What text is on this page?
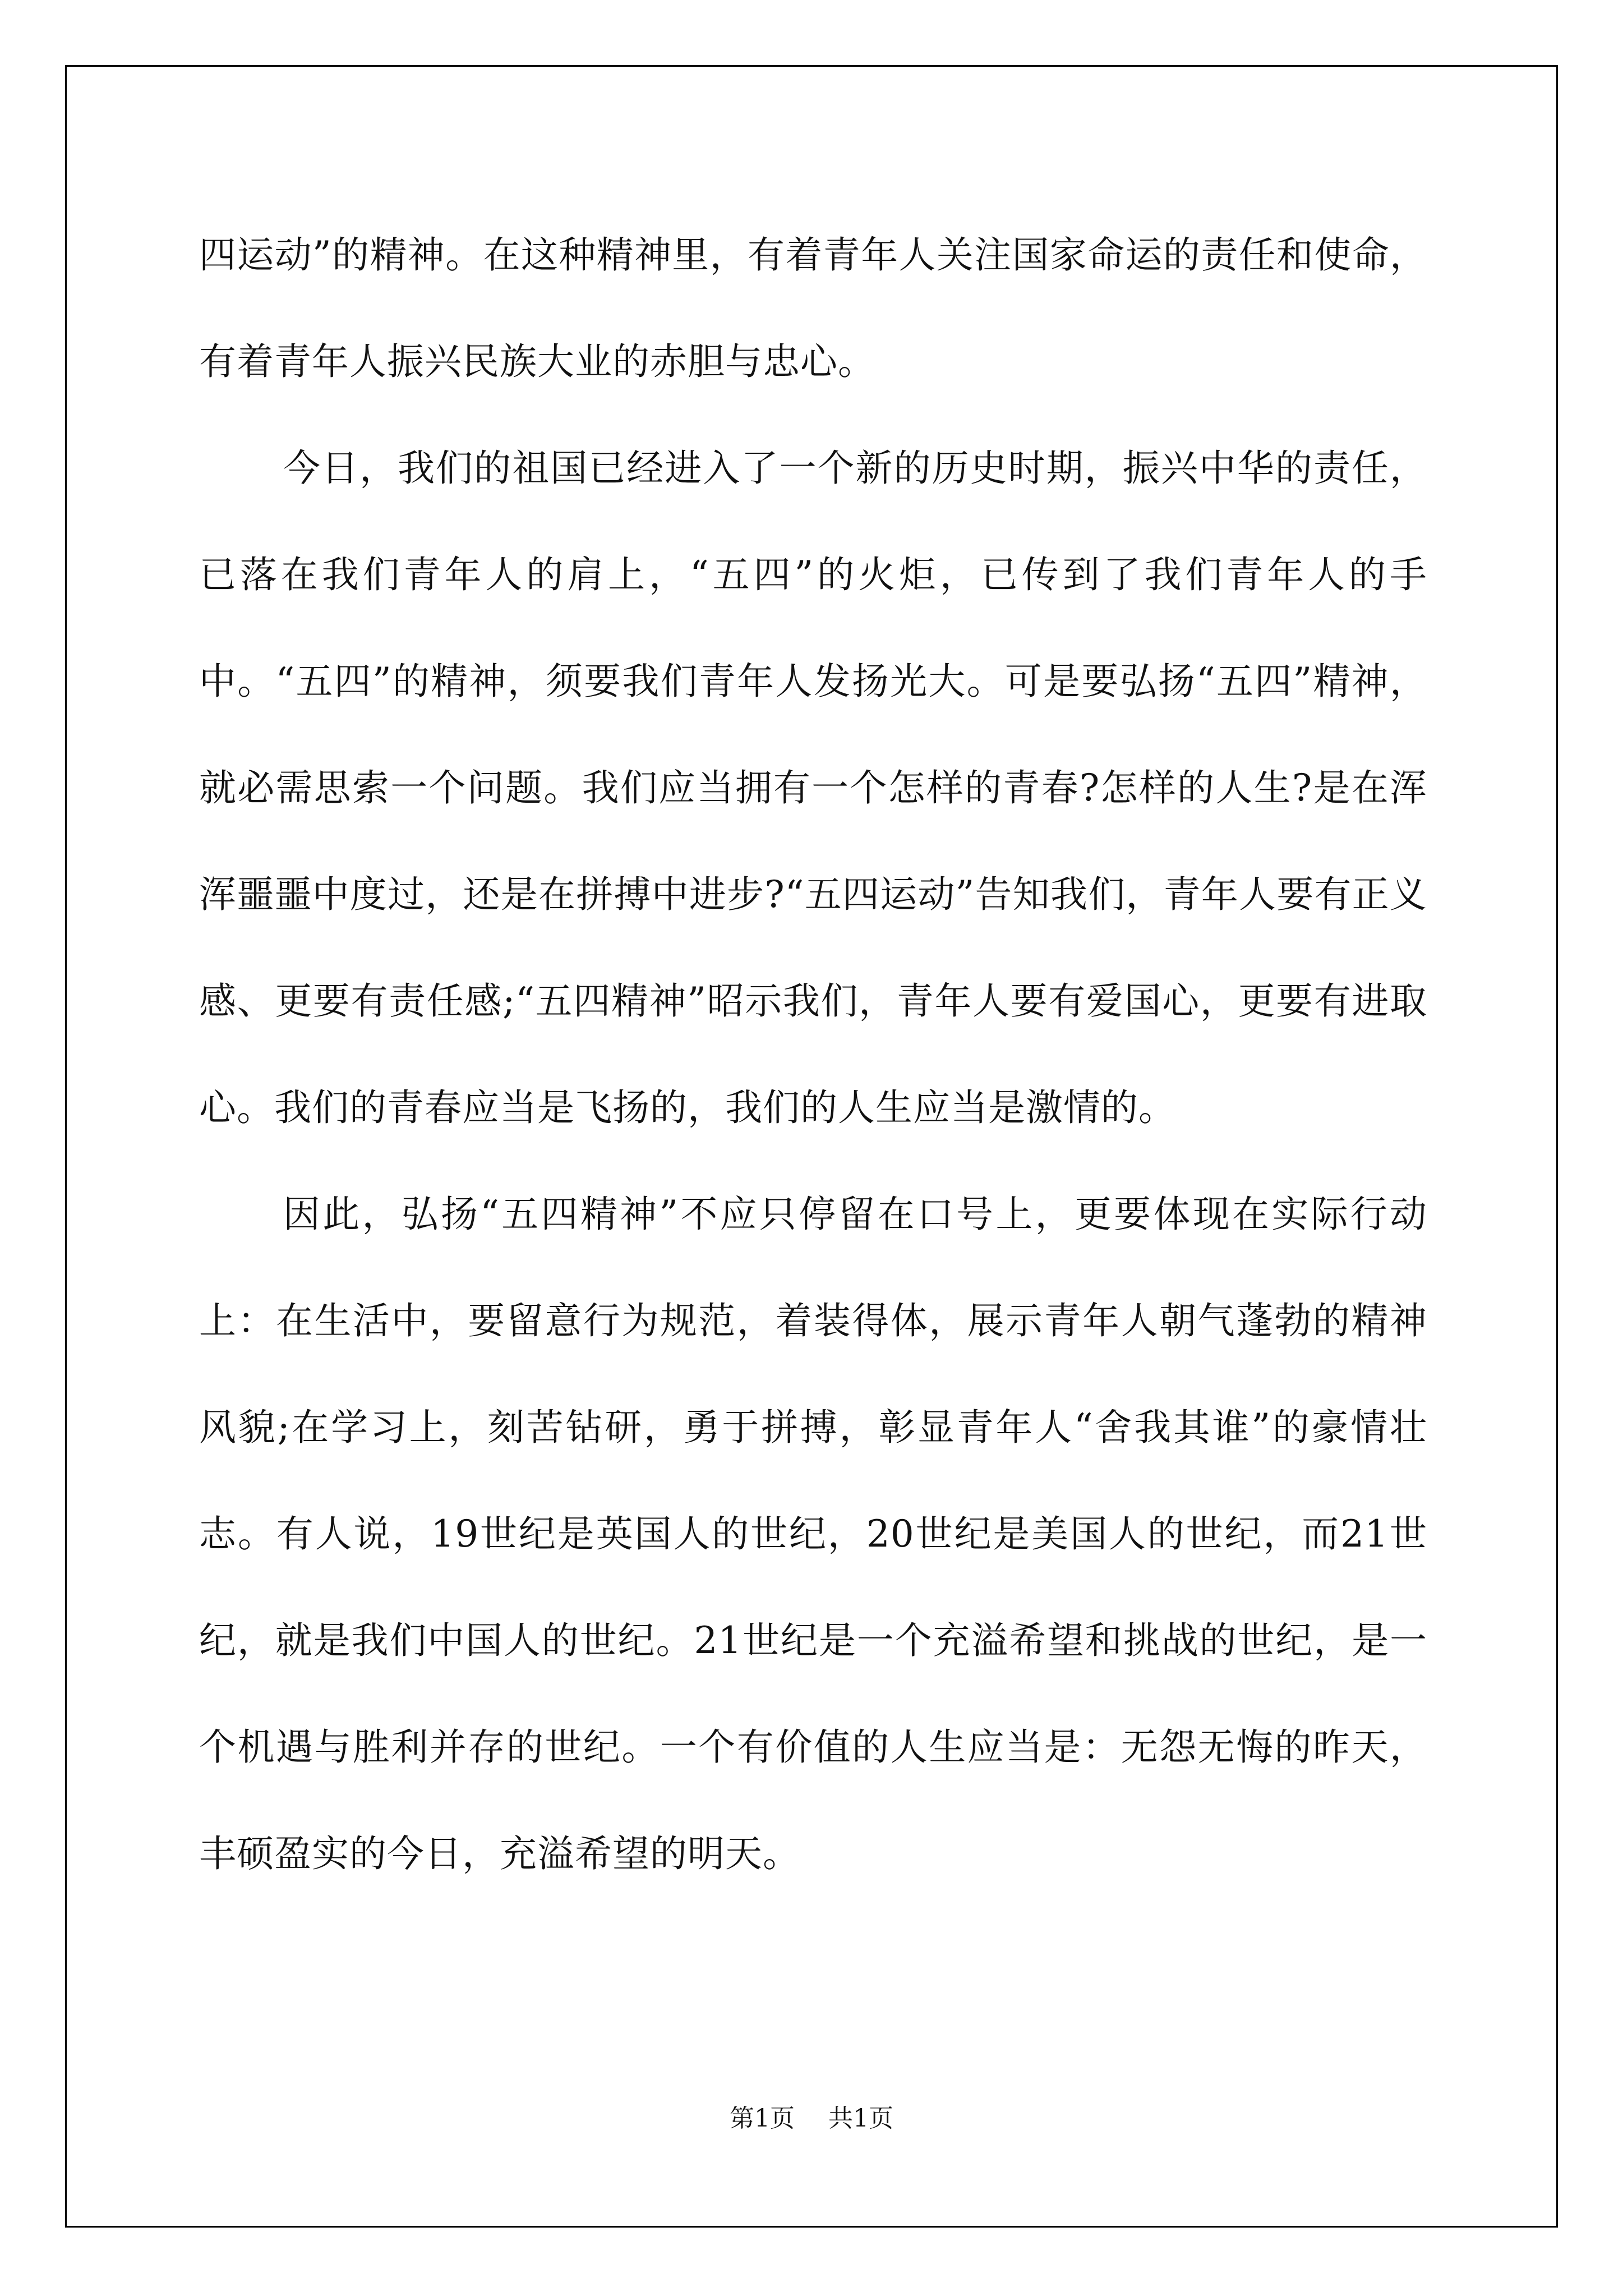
四运动”的精神。在这种精神里，有着青年人关注国家命运的责任和使命，有着青年人振兴民族大业的赤胆与忠心。

今日，我们的祖国已经进入了一个新的历史时期，振兴中华的责任，已落在我们青年人的肩上，“五四”的火炬，已传到了我们青年人的手中。“五四”的精神，须要我们青年人发扬光大。可是要弘扬“五四”精神，就必需思索一个问题。我们应当拥有一个怎样的青春?怎样的人生?是在浑浑噩噩中度过，还是在拼搏中进步?“五四运动”告知我们，青年人要有正义感、更要有责任感;“五四精神”昭示我们，青年人要有爱国心，更要有进取心。我们的青春应当是飞扬的，我们的人生应当是激情的。

因此，弘扬“五四精神”不应只停留在口号上，更要体现在实际行动上：在生活中，要留意行为规范，着装得体，展示青年人朝气蓬勃的精神风貌;在学习上，刻苦钻研，勇于拼搏，彰显青年人“舍我其谁”的豪情壮志。有人说，19世纪是英国人的世纪，20世纪是美国人的世纪，而21世纪，就是我们中国人的世纪。21世纪是一个充溢希望和挑战的世纪，是一个机遇与胜利并存的世纪。一个有价值的人生应当是：无怨无悔的昨天，丰硕盈实的今日，充溢希望的明天。

第1页 共1页
